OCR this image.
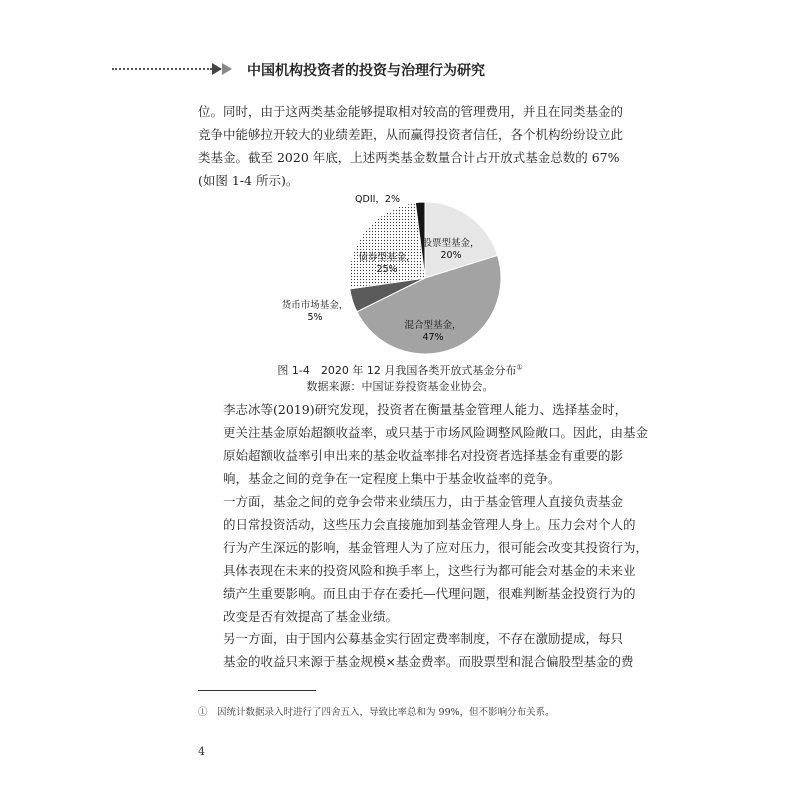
中国机构投资者的投资与治理行为研究
位。同时，由于这两类基金能够提取相对较高的管理费用，并且在同类基金的
竞争中能够拉开较大的业绩差距，从而赢得投资者信任，各个机构纷纷设立此
类基金。截至 2020 年底，上述两类基金数量合计占开放式基金总数的 67%
(如图 1-4 所示)。
股票型基金，
20%
混合型基金，
47%
货币市场基金，
5%
债券型基金，
25%
QDII，2%
图 1-4　2020 年 12 月我国各类开放式基金分布①
数据来源：中国证券投资基金业协会。
李志冰等(2019)研究发现，投资者在衡量基金管理人能力、选择基金时，
更关注基金原始超额收益率，或只基于市场风险调整风险敞口。因此，由基金
原始超额收益率引申出来的基金收益率排名对投资者选择基金有重要的影
响，基金之间的竞争在一定程度上集中于基金收益率的竞争。
一方面，基金之间的竞争会带来业绩压力，由于基金管理人直接负责基金
的日常投资活动，这些压力会直接施加到基金管理人身上。压力会对个人的
行为产生深远的影响，基金管理人为了应对压力，很可能会改变其投资行为，
具体表现在未来的投资风险和换手率上，这些行为都可能会对基金的未来业
绩产生重要影响。而且由于存在委托—代理问题，很难判断基金投资行为的
改变是否有效提高了基金业绩。
另一方面，由于国内公募基金实行固定费率制度，不存在激励提成，每只
基金的收益只来源于基金规模×基金费率。而股票型和混合偏股型基金的费
①　因统计数据录入时进行了四舍五入，导致比率总和为 99%，但不影响分布关系。
4
